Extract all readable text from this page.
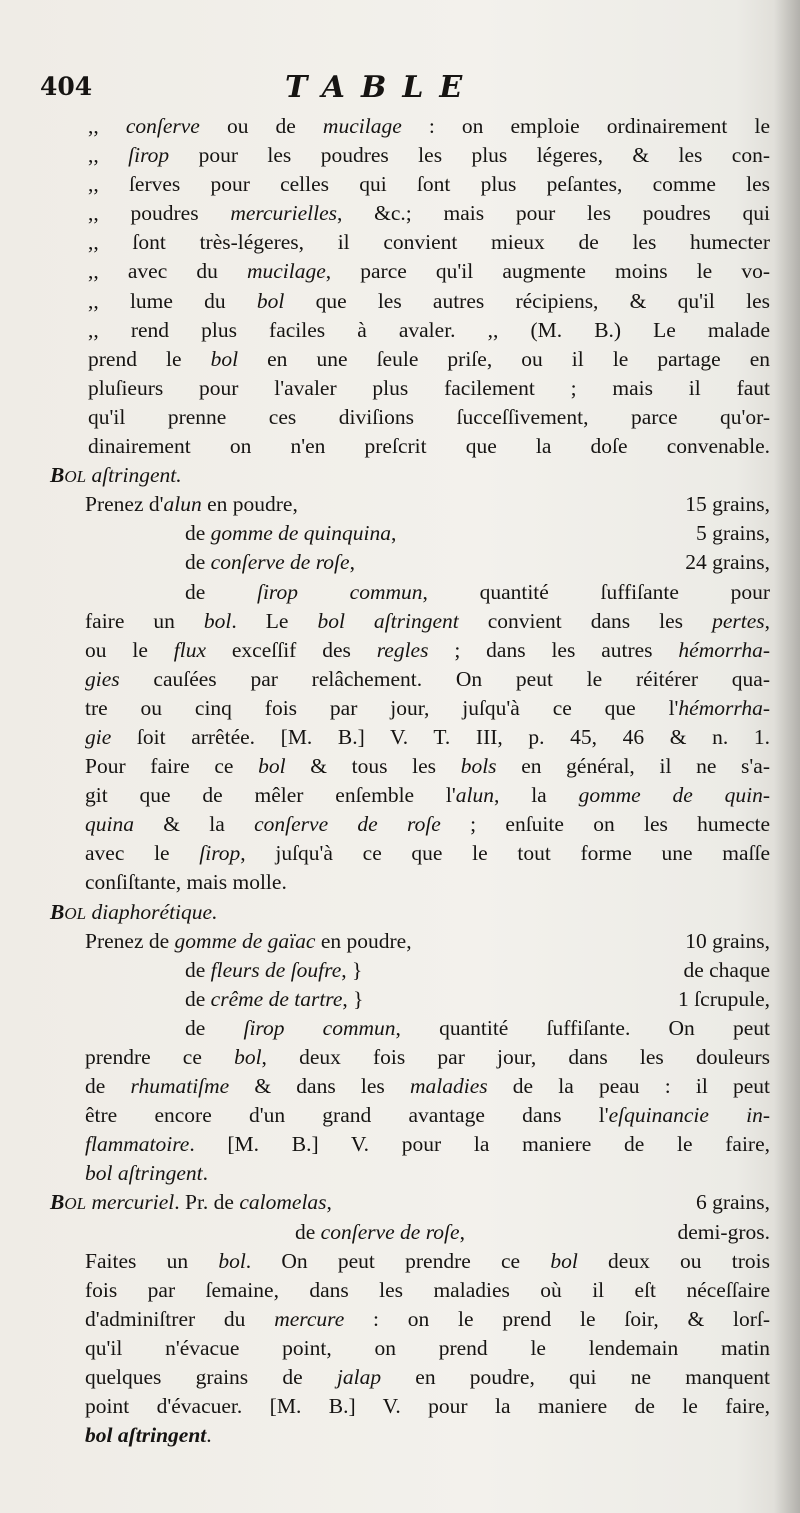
404	TABLE
,, conſerve ou de mucilage : on emploie ordinairement le
,, ſirop pour les poudres les plus légeres, & les con-
,, ſerves pour celles qui ſont plus peſantes, comme les
,, poudres mercurielles, &c.; mais pour les poudres qui
,, ſont très-légeres, il convient mieux de les humecter
,, avec du mucilage, parce qu'il augmente moins le vo-
,, lume du bol que les autres récipiens, & qu'il les
,, rend plus faciles à avaler. ,, (M. B.) Le malade
prend le bol en une ſeule priſe, ou il le partage en
pluſieurs pour l'avaler plus facilement ; mais il faut
qu'il prenne ces diviſions ſucceſſivement, parce qu'or-
dinairement on n'en preſcrit que la doſe convenable.
BOL aſtringent.
Prenez d'alun en poudre,	15 grains,
de gomme de quinquina,	5 grains,
de conſerve de roſe,	24 grains,
de ſirop commun, quantité ſuffiſante pour
faire un bol. Le bol aſtringent convient dans les pertes,
ou le flux exceſſif des regles ; dans les autres hémorrha-
gies cauſées par relâchement. On peut le réitérer qua-
tre ou cinq fois par jour, juſqu'à ce que l'hémorrha-
gie ſoit arrêtée. [M. B.] V. T. III, p. 45, 46 & n. 1.
Pour faire ce bol & tous les bols en général, il ne s'a-
git que de mêler enſemble l'alun, la gomme de quin-
quina & la conſerve de roſe ; enſuite on les humecte
avec le ſirop, juſqu'à ce que le tout forme une maſſe
conſiſtante, mais molle.
BOL diaphorétique.
Prenez de gomme de gaïac en poudre,	10 grains,
de fleurs de ſoufre, }	de chaque
de crême de tartre, }	1 ſcrupule,
de ſirop commun, quantité ſuffiſante. On peut
prendre ce bol, deux fois par jour, dans les douleurs
de rhumatiſme & dans les maladies de la peau : il peut
être encore d'un grand avantage dans l'eſquinancie in-
flammatoire. [M. B.] V. pour la maniere de le faire,
bol aſtringent.
BOL mercuriel. Pr. de calomelas,	6 grains,
de conſerve de roſe,	demi-gros.
Faites un bol. On peut prendre ce bol deux ou trois
fois par ſemaine, dans les maladies où il eſt néceſſaire
d'adminiſtrer du mercure : on le prend le ſoir, & lorſ-
qu'il n'évacue point, on prend le lendemain matin
quelques grains de jalap en poudre, qui ne manquent
point d'évacuer. [M. B.] V. pour la maniere de le faire,
bol aſtringent.
